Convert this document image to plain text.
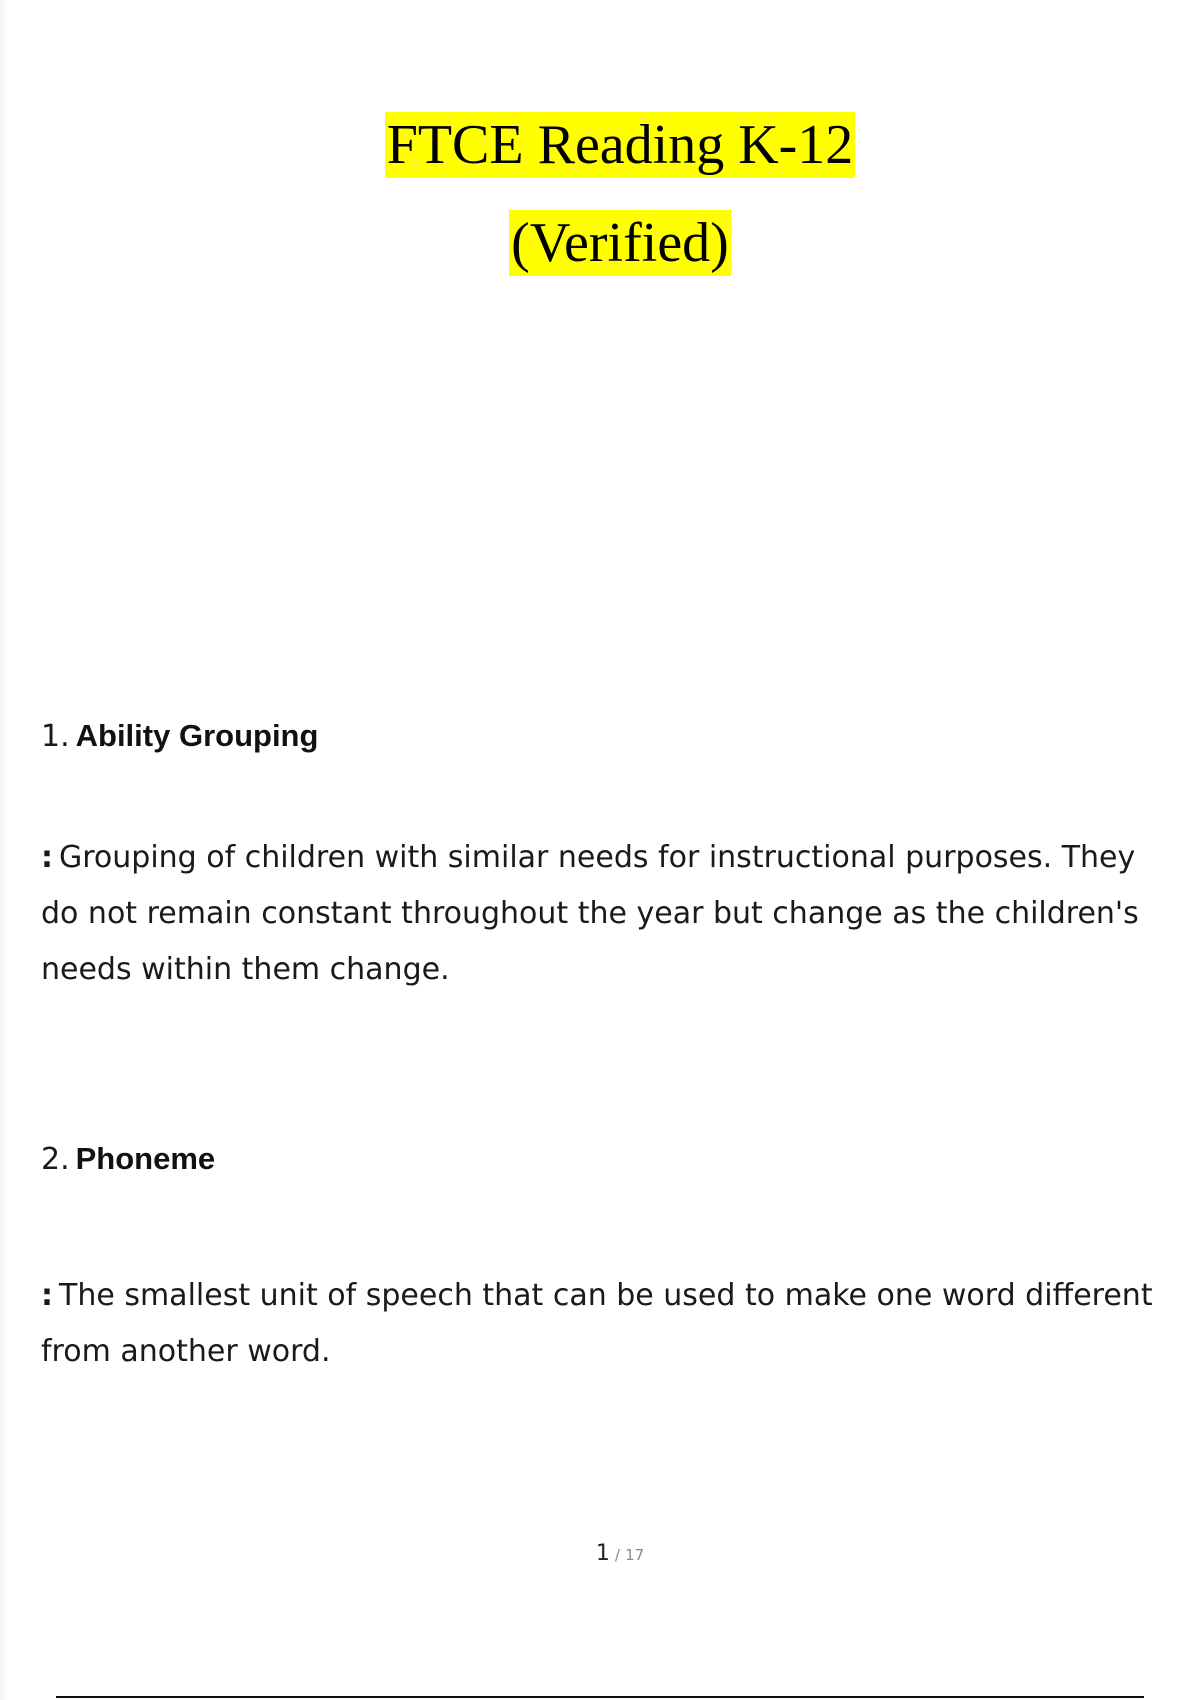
FTCE Reading K-12
(Verified)
1. Ability Grouping
: Grouping of children with similar needs for instructional purposes. They do not remain constant throughout the year but change as the children's needs within them change.
2. Phoneme
: The smallest unit of speech that can be used to make one word different from another word.
1 / 17
